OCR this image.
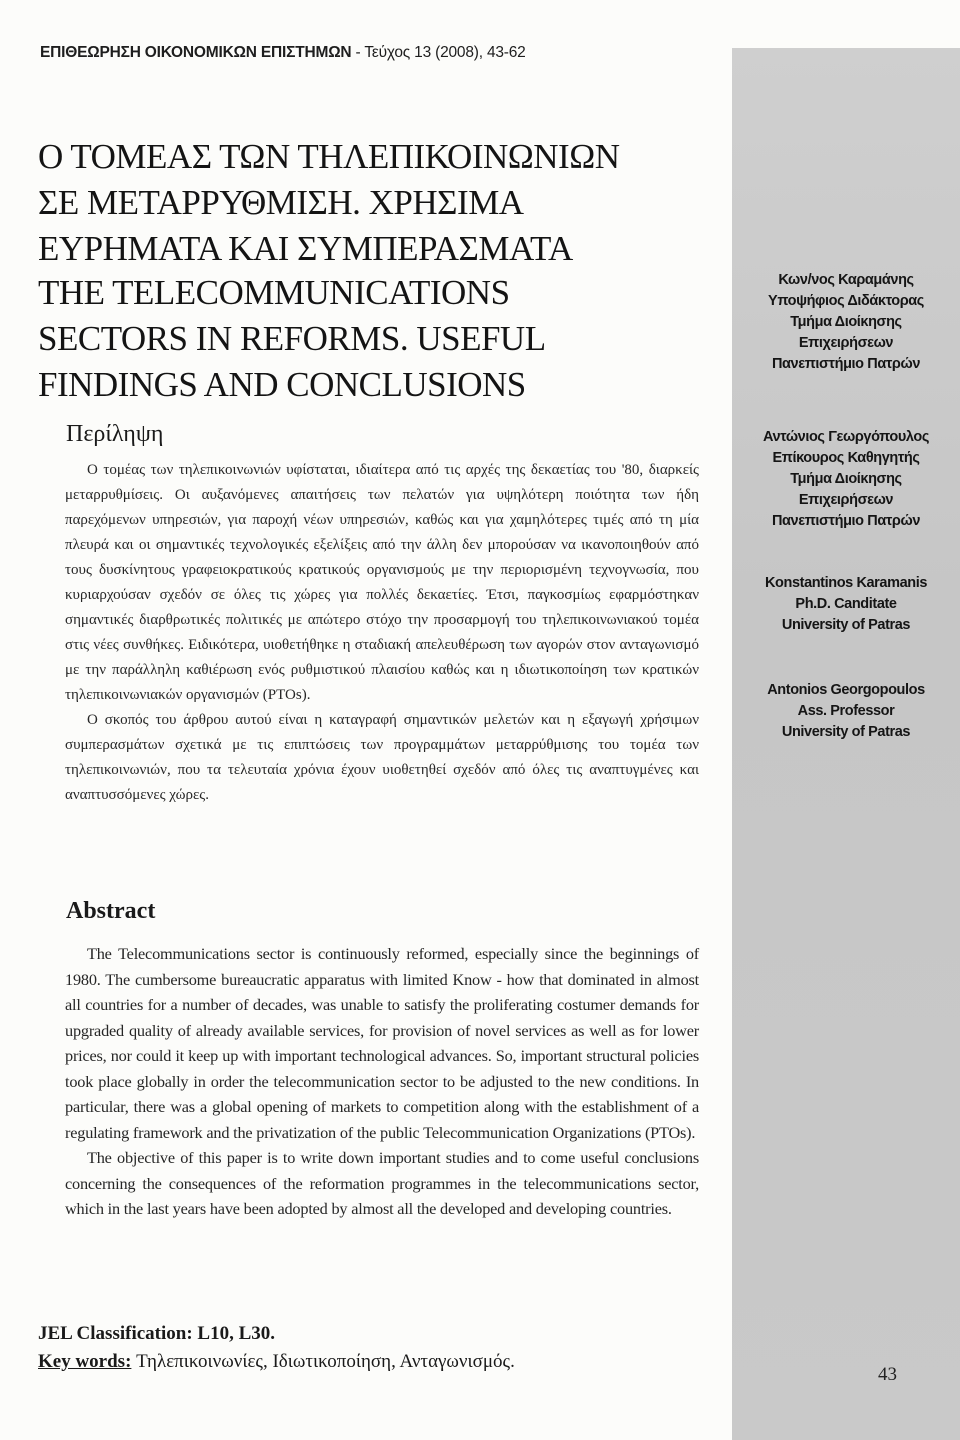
ΕΠΙΘΕΩΡΗΣΗ ΟΙΚΟΝΟΜΙΚΩΝ ΕΠΙΣΤΗΜΩΝ - Τεύχος 13 (2008), 43-62
Ο ΤΟΜΕΑΣ ΤΩΝ ΤΗΛΕΠΙΚΟΙΝΩΝΙΩΝ
ΣΕ ΜΕΤΑΡΡΥΘΜΙΣΗ. ΧΡΗΣΙΜΑ
ΕΥΡΗΜΑΤΑ ΚΑΙ ΣΥΜΠΕΡΑΣΜΑΤΑ
THE TELECOMMUNICATIONS
SECTORS IN REFORMS. USEFUL
FINDINGS AND CONCLUSIONS
Κων/νος Καραμάνης
Υποψήφιος Διδάκτορας
Τμήμα Διοίκησης
Επιχειρήσεων
Πανεπιστήμιο Πατρών
Αντώνιος Γεωργόπουλος
Επίκουρος Καθηγητής
Τμήμα Διοίκησης
Επιχειρήσεων
Πανεπιστήμιο Πατρών
Konstantinos Karamanis
Ph.D. Canditate
University of Patras
Antonios Georgopoulos
Ass. Professor
University of Patras
Περίληψη

Ο τομέας των τηλεπικοινωνιών υφίσταται, ιδιαίτερα από τις αρχές της δεκαετίας του '80, διαρκείς μεταρρυθμίσεις. Οι αυξανόμενες απαιτήσεις των πελατών για υψηλότερη ποιότητα των ήδη παρεχόμενων υπηρεσιών, για παροχή νέων υπηρεσιών, καθώς και για χαμηλότερες τιμές από τη μία πλευρά και οι σημαντικές τεχνολογικές εξελίξεις από την άλλη δεν μπορούσαν να ικανοποιηθούν από τους δυσκίνητους γραφειοκρατικούς κρατικούς οργανισμούς με την περιορισμένη τεχνογνωσία, που κυριαρχούσαν σχεδόν σε όλες τις χώρες για πολλές δεκαετίες. Έτσι, παγκοσμίως εφαρμόστηκαν σημαντικές διαρθρωτικές πολιτικές με απώτερο στόχο την προσαρμογή του τηλεπικοινωνιακού τομέα στις νέες συνθήκες. Ειδικότερα, υιοθετήθηκε η σταδιακή απελευθέρωση των αγορών στον ανταγωνισμό με την παράλληλη καθιέρωση ενός ρυθμιστικού πλαισίου καθώς και η ιδιωτικοποίηση των κρατικών τηλεπικοινωνιακών οργανισμών (PTOs).

Ο σκοπός του άρθρου αυτού είναι η καταγραφή σημαντικών μελετών και η εξαγωγή χρήσιμων συμπερασμάτων σχετικά με τις επιπτώσεις των προγραμμάτων μεταρρύθμισης του τομέα των τηλεπικοινωνιών, που τα τελευταία χρόνια έχουν υιοθετηθεί σχεδόν από όλες τις αναπτυγμένες και αναπτυσσόμενες χώρες.

Abstract

The Telecommunications sector is continuously reformed, especially since the beginnings of 1980. The cumbersome bureaucratic apparatus with limited Know - how that dominated in almost all countries for a number of decades, was unable to satisfy the proliferating costumer demands for upgraded quality of already available services, for provision of novel services as well as for lower prices, nor could it keep up with important technological advances. So, important structural policies took place globally in order the telecommunication sector to be adjusted to the new conditions. In particular, there was a global opening of markets to competition along with the establishment of a regulating framework and the privatization of the public Telecommunication Organizations (PTOs).

The objective of this paper is to write down important studies and to come useful conclusions concerning the consequences of the reformation programmes in the telecommunications sector, which in the last years have been adopted by almost all the developed and developing countries.

JEL Classification: L10, L30.
Key words: Τηλεπικοινωνίες, Ιδιωτικοποίηση, Ανταγωνισμός.
43
